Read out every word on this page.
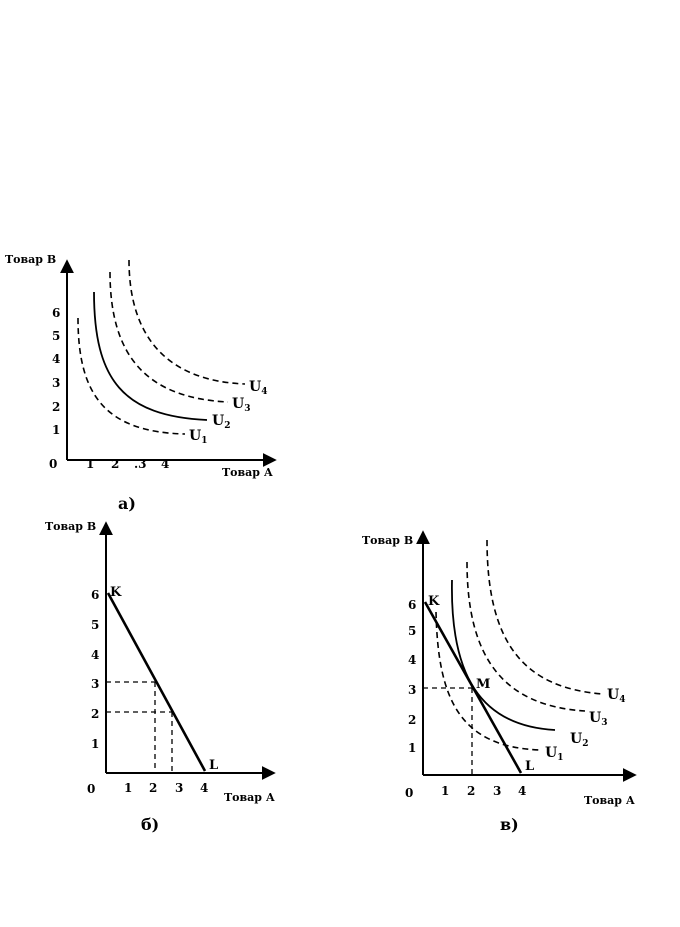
Товар В
Товар А
0 1 2 .3 4
1
2
3
4
5
6
$U_1$
$U_2$
$U_3$
$U_4$
а)
Товар В
Товар А
0 1 2 3 4
1
2
3
4
5
6 K
L
б)
Товар В
Товар А
0 1 2 3 4
1
2
3
4
5
6 K
M
L
$U_1$
$U_2$
$U_3$
$U_4$
в)
